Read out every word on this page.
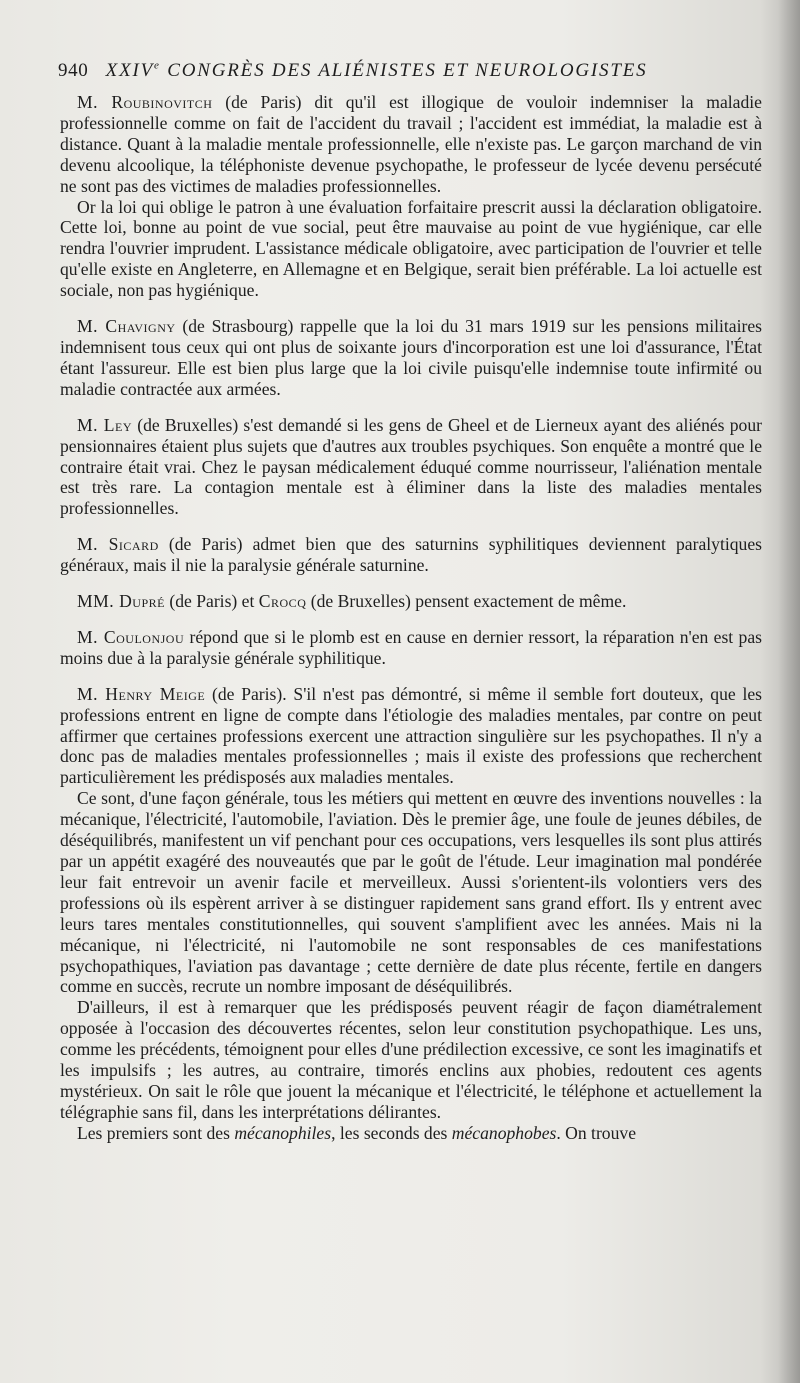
940 XXIVe CONGRÈS DES ALIÉNISTES ET NEUROLOGISTES

M. Roubinovitch (de Paris) dit qu'il est illogique de vouloir indemniser la maladie professionnelle comme on fait de l'accident du travail ; l'accident est immédiat, la maladie est à distance. Quant à la maladie mentale professionnelle, elle n'existe pas. Le garçon marchand de vin devenu alcoolique, la téléphoniste devenue psychopathe, le professeur de lycée devenu persécuté ne sont pas des victimes de maladies professionnelles.

Or la loi qui oblige le patron à une évaluation forfaitaire prescrit aussi la déclaration obligatoire. Cette loi, bonne au point de vue social, peut être mauvaise au point de vue hygiénique, car elle rendra l'ouvrier imprudent. L'assistance médicale obligatoire, avec participation de l'ouvrier et telle qu'elle existe en Angleterre, en Allemagne et en Belgique, serait bien préférable. La loi actuelle est sociale, non pas hygiénique.

M. Chavigny (de Strasbourg) rappelle que la loi du 31 mars 1919 sur les pensions militaires indemnisent tous ceux qui ont plus de soixante jours d'incorporation est une loi d'assurance, l'État étant l'assureur. Elle est bien plus large que la loi civile puisqu'elle indemnise toute infirmité ou maladie contractée aux armées.

M. Ley (de Bruxelles) s'est demandé si les gens de Gheel et de Lierneux ayant des aliénés pour pensionnaires étaient plus sujets que d'autres aux troubles psychiques. Son enquête a montré que le contraire était vrai. Chez le paysan médicalement éduqué comme nourrisseur, l'aliénation mentale est très rare. La contagion mentale est à éliminer dans la liste des maladies mentales professionnelles.

M. Sicard (de Paris) admet bien que des saturnins syphilitiques deviennent paralytiques généraux, mais il nie la paralysie générale saturnine.

MM. Dupré (de Paris) et Crocq (de Bruxelles) pensent exactement de même.

M. Coulonjou répond que si le plomb est en cause en dernier ressort, la réparation n'en est pas moins due à la paralysie générale syphilitique.

M. Henry Meige (de Paris). S'il n'est pas démontré, si même il semble fort douteux, que les professions entrent en ligne de compte dans l'étiologie des maladies mentales, par contre on peut affirmer que certaines professions exercent une attraction singulière sur les psychopathes. Il n'y a donc pas de maladies mentales professionnelles ; mais il existe des professions que recherchent particulièrement les prédisposés aux maladies mentales.

Ce sont, d'une façon générale, tous les métiers qui mettent en œuvre des inventions nouvelles : la mécanique, l'électricité, l'automobile, l'aviation. Dès le premier âge, une foule de jeunes débiles, de déséquilibrés, manifestent un vif penchant pour ces occupations, vers lesquelles ils sont plus attirés par un appétit exagéré des nouveautés que par le goût de l'étude. Leur imagination mal pondérée leur fait entrevoir un avenir facile et merveilleux. Aussi s'orientent-ils volontiers vers des professions où ils espèrent arriver à se distinguer rapidement sans grand effort. Ils y entrent avec leurs tares mentales constitutionnelles, qui souvent s'amplifient avec les années. Mais ni la mécanique, ni l'électricité, ni l'automobile ne sont responsables de ces manifestations psychopathiques, l'aviation pas davantage ; cette dernière de date plus récente, fertile en dangers comme en succès, recrute un nombre imposant de déséquilibrés.

D'ailleurs, il est à remarquer que les prédisposés peuvent réagir de façon diamétralement opposée à l'occasion des découvertes récentes, selon leur constitution psychopathique. Les uns, comme les précédents, témoignent pour elles d'une prédilection excessive, ce sont les imaginatifs et les impulsifs ; les autres, au contraire, timorés enclins aux phobies, redoutent ces agents mystérieux. On sait le rôle que jouent la mécanique et l'électricité, le téléphone et actuellement la télégraphie sans fil, dans les interprétations délirantes.

Les premiers sont des mécanophiles, les seconds des mécanophobes. On trouve
